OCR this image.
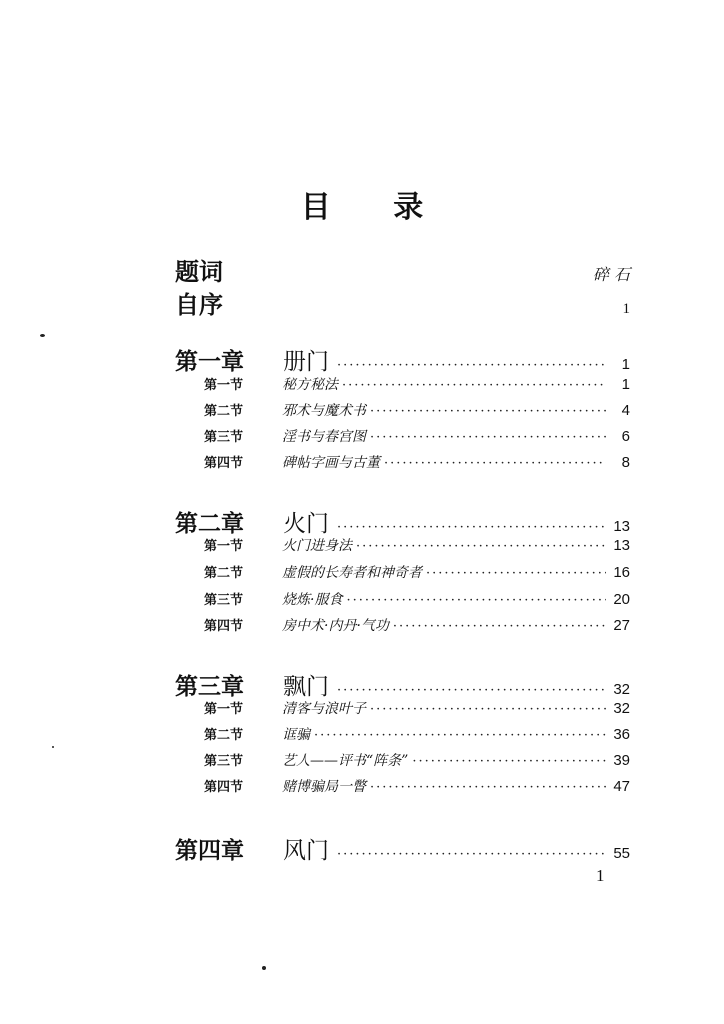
目 录
题词	碎 石
自序	1
第一章	册门 ·····	1
第一节	秘方秘法 ·····	1
第二节	邪术与魔术书 ·····	4
第三节	淫书与春宫图 ·····	6
第四节	碑帖字画与古董 ·····	8
第二章	火门 ·····	13
第一节	火门进身法 ·····	13
第二节	虚假的长寿者和神奇者 ·····	16
第三节	烧炼·服食 ·····	20
第四节	房中术·内丹·气功 ·····	27
第三章	飘门 ·····	32
第一节	清客与浪叶子 ·····	32
第二节	诓骗 ·····	36
第三节	艺人——评书“阵条” ·····	39
第四节	赌博骗局一瞥 ·····	47
第四章	风门 ·····	55
1
